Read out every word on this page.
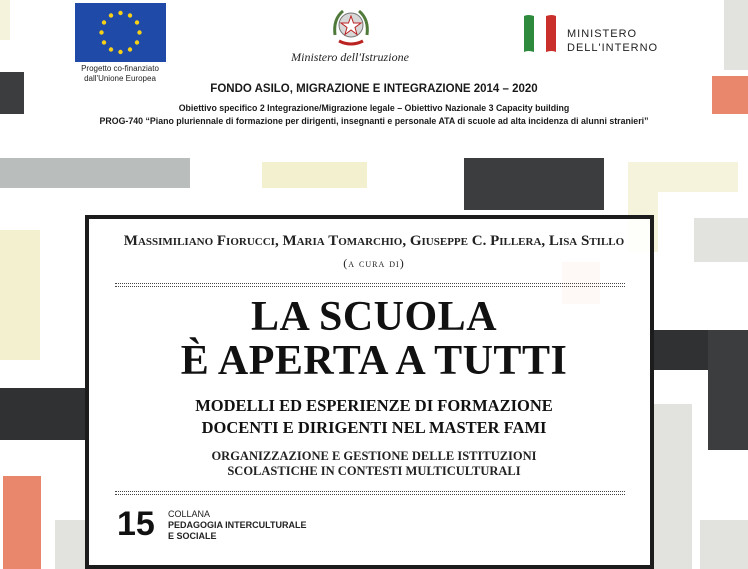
Progetto co-finanziato
dall'Unione Europea
Ministero dell'Istruzione
MINISTERO
DELL'INTERNO
FONDO ASILO, MIGRAZIONE E INTEGRAZIONE 2014 – 2020
Obiettivo specifico 2 Integrazione/Migrazione legale – Obiettivo Nazionale 3 Capacity building
PROG-740 “Piano pluriennale di formazione per dirigenti, insegnanti e personale ATA di scuole ad alta incidenza di alunni stranieri”
Massimiliano Fiorucci, Maria Tomarchio, Giuseppe C. Pillera, Lisa Stillo
(a cura di)
LA SCUOLA
È APERTA A TUTTI
MODELLI ED ESPERIENZE DI FORMAZIONE
DOCENTI E DIRIGENTI NEL MASTER FAMI
ORGANIZZAZIONE E GESTIONE DELLE ISTITUZIONI
SCOLASTICHE IN CONTESTI MULTICULTURALI
15 COLLANA
PEDAGOGIA INTERCULTURALE
E SOCIALE
